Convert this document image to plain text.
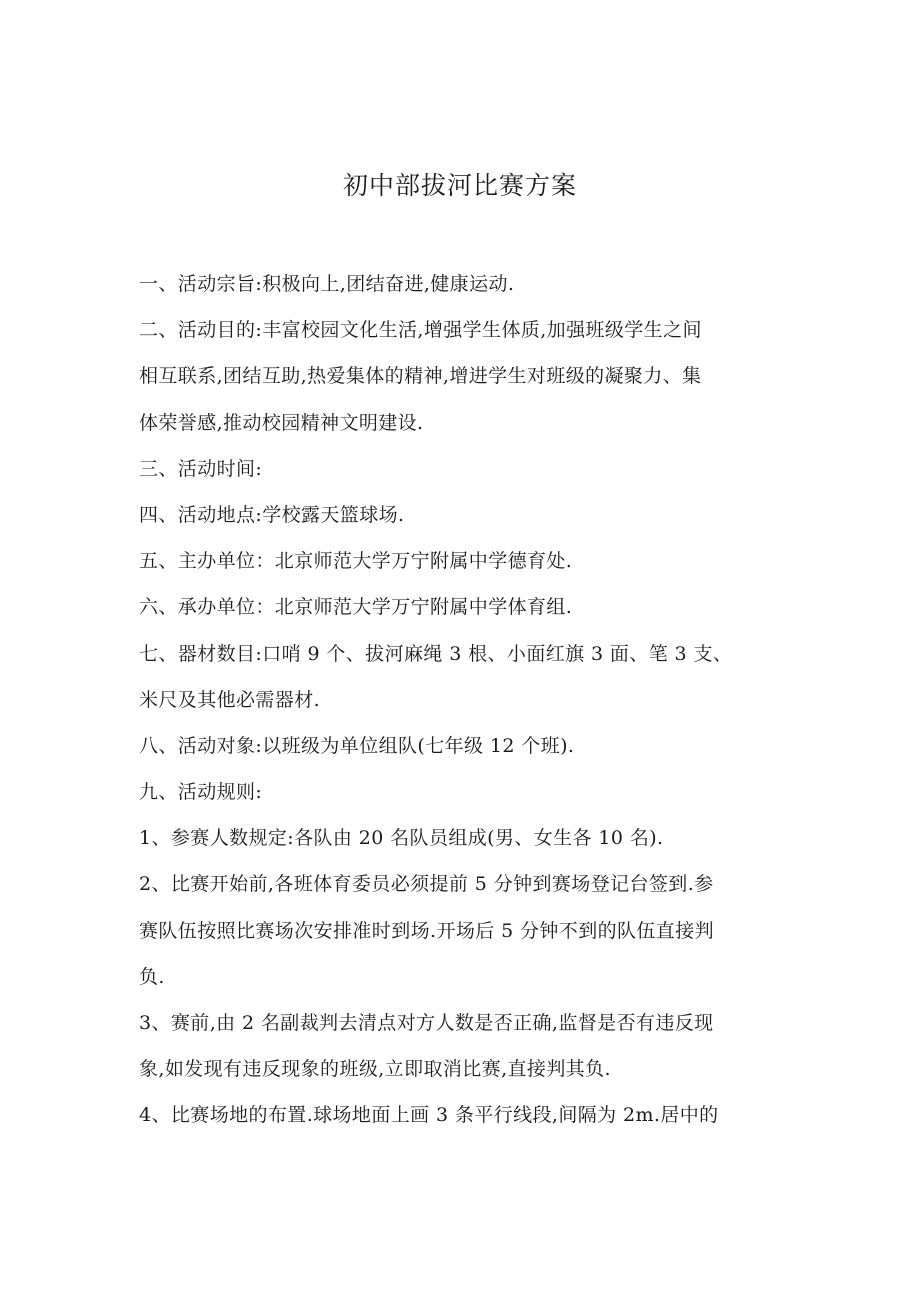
初中部拔河比赛方案
一、活动宗旨:积极向上,团结奋进,健康运动.
二、活动目的:丰富校园文化生活,增强学生体质,加强班级学生之间
相互联系,团结互助,热爱集体的精神,增进学生对班级的凝聚力、集
体荣誉感,推动校园精神文明建设.
三、活动时间:
四、活动地点:学校露天篮球场.
五、主办单位：北京师范大学万宁附属中学德育处.
六、承办单位：北京师范大学万宁附属中学体育组.
七、器材数目:口哨 9 个、拔河麻绳 3 根、小面红旗 3 面、笔 3 支、
米尺及其他必需器材.
八、活动对象:以班级为单位组队(七年级 12 个班).
九、活动规则:
1、参赛人数规定:各队由 20 名队员组成(男、女生各 10 名).
2、比赛开始前,各班体育委员必须提前 5 分钟到赛场登记台签到.参
赛队伍按照比赛场次安排准时到场.开场后 5 分钟不到的队伍直接判
负.
3、赛前,由 2 名副裁判去清点对方人数是否正确,监督是否有违反现
象,如发现有违反现象的班级,立即取消比赛,直接判其负.
4、比赛场地的布置.球场地面上画 3 条平行线段,间隔为 2m.居中的
